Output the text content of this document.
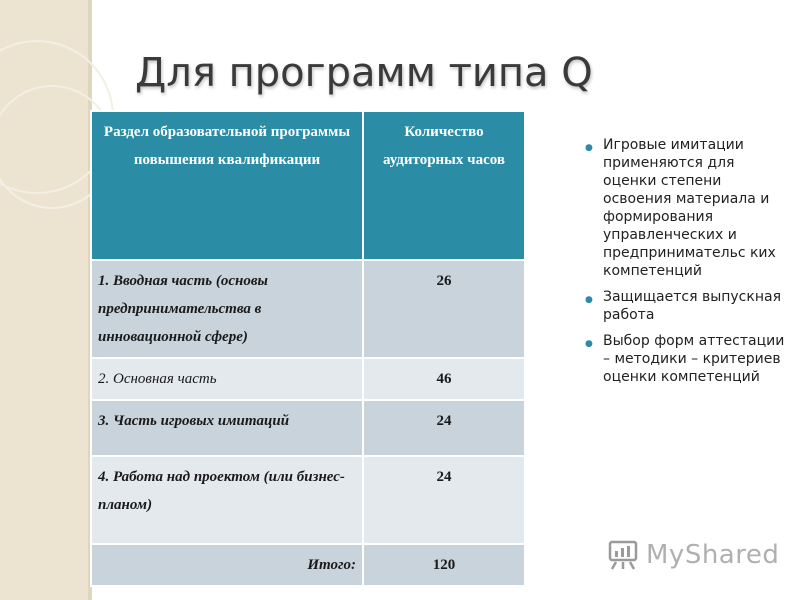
Для программ типа Q
Раздел образовательной программы повышения квалификации	Количество аудиторных часов
1. Вводная часть (основы предпринимательства в инновационной сфере)	26
2. Основная часть	46
3. Часть игровых имитаций	24
4. Работа над проектом (или бизнес-планом)	24
Итого:	120
● Игровые имитации применяются для оценки степени освоения материала и формирования управленческих и предпринимательс ких компетенций
● Защищается выпускная работа
● Выбор форм аттестации – методики – критериев оценки компетенций
MyShared
